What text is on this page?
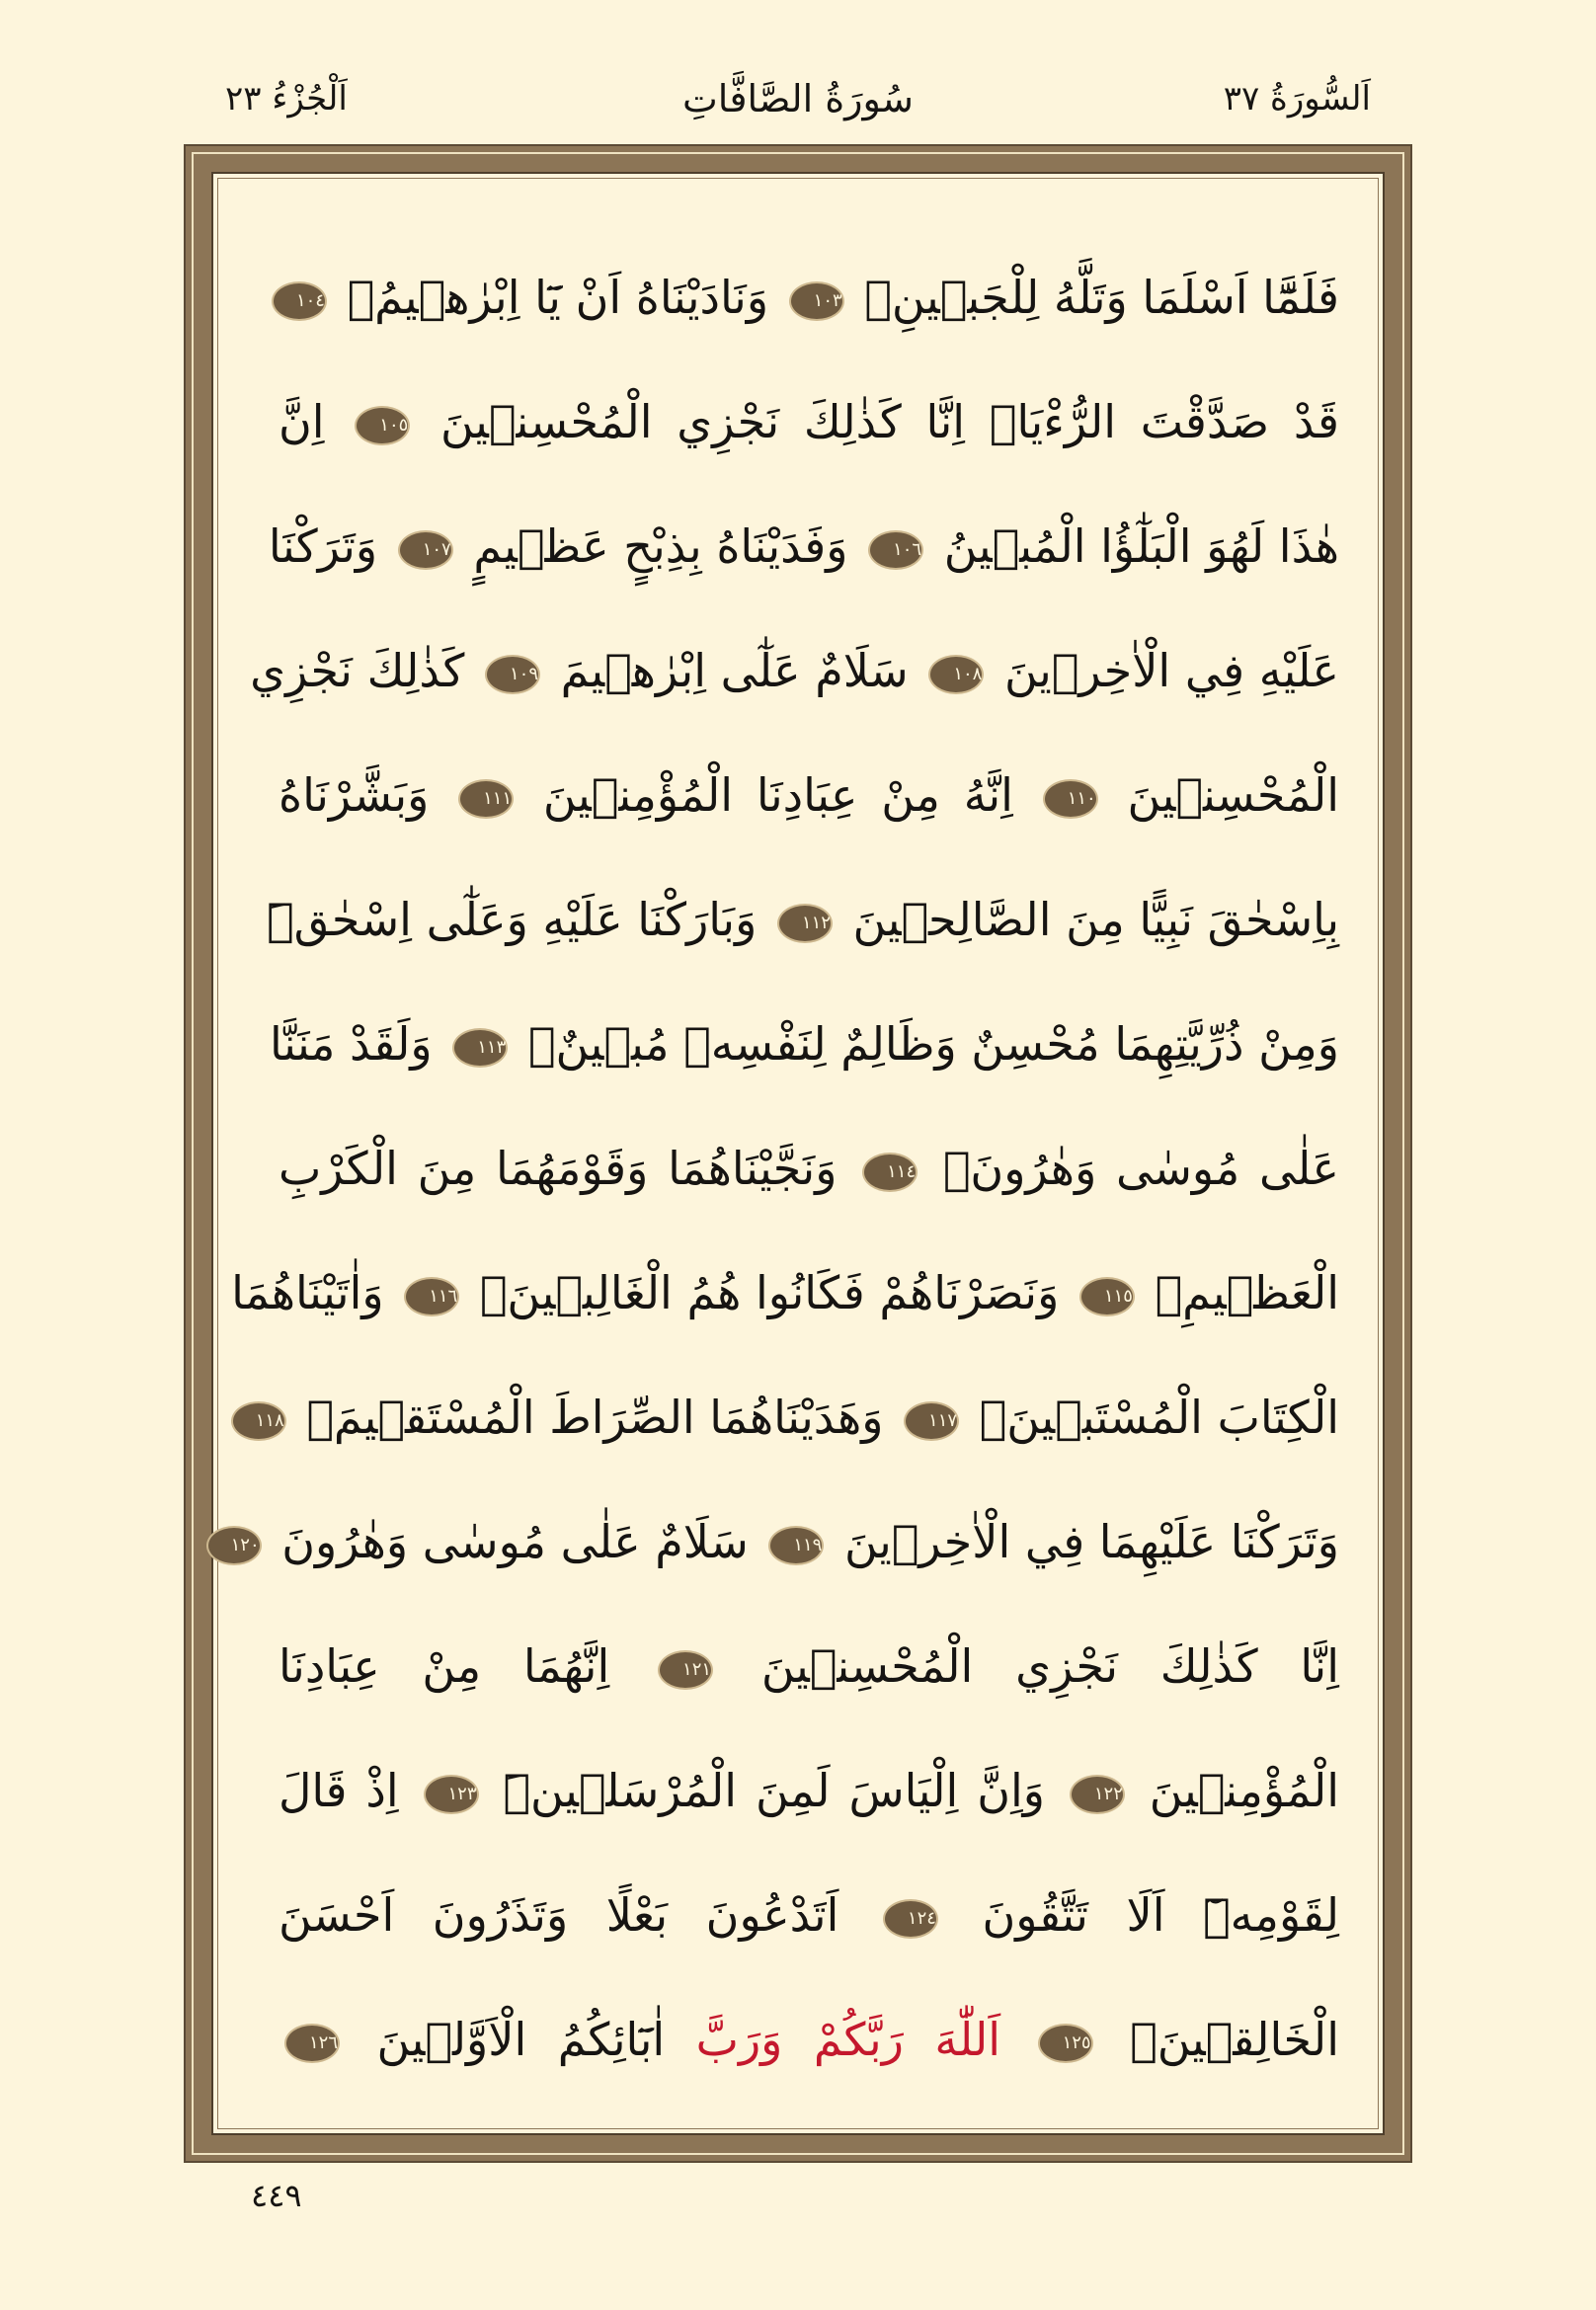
اَلْجُزْءُ ٢٣	سُورَةُ الصَّافَّاتِ	اَلسُّورَةُ ٣٧
فَلَمَّٓا اَسْلَمَا وَتَلَّهُ لِلْجَب۪ينِۚ ١٠٣ وَنَادَيْنَاهُ اَنْ يَٓا اِبْرٰه۪يمُۙ ١٠٤
قَدْ صَدَّقْتَ الرُّءْيَاۚ اِنَّا كَذٰلِكَ نَجْزِي الْمُحْسِن۪ينَ ١٠٥ اِنَّ
هٰذَا لَهُوَ الْبَلٰٓؤُا الْمُب۪ينُ ١٠٦ وَفَدَيْنَاهُ بِذِبْحٍ عَظ۪يمٍ ١٠٧ وَتَرَكْنَا
عَلَيْهِ فِي الْاٰخِر۪ينَ ١٠٨ سَلَامٌ عَلٰٓى اِبْرٰه۪يمَ ١٠٩ كَذٰلِكَ نَجْزِي
الْمُحْسِن۪ينَ ١١٠ اِنَّهُ مِنْ عِبَادِنَا الْمُؤْمِن۪ينَ ١١١ وَبَشَّرْنَاهُ
بِاِسْحٰقَ نَبِيًّا مِنَ الصَّالِح۪ينَ ١١٢ وَبَارَكْنَا عَلَيْهِ وَعَلٰٓى اِسْحٰقَۜ
وَمِنْ ذُرِّيَّتِهِمَا مُحْسِنٌ وَظَالِمٌ لِنَفْسِه۪ مُب۪ينٌ۟ ١١٣ وَلَقَدْ مَنَنَّا
عَلٰى مُوسٰى وَهٰرُونَۚ ١١٤ وَنَجَّيْنَاهُمَا وَقَوْمَهُمَا مِنَ الْكَرْبِ
الْعَظ۪يمِۚ ١١٥ وَنَصَرْنَاهُمْ فَكَانُوا هُمُ الْغَالِب۪ينَۚ ١١٦ وَاٰتَيْنَاهُمَا
الْكِتَابَ الْمُسْتَب۪ينَۚ ١١٧ وَهَدَيْنَاهُمَا الصِّرَاطَ الْمُسْتَق۪يمَۚ ١١٨
وَتَرَكْنَا عَلَيْهِمَا فِي الْاٰخِر۪ينَ ١١٩ سَلَامٌ عَلٰى مُوسٰى وَهٰرُونَ ١٢٠
اِنَّا كَذٰلِكَ نَجْزِي الْمُحْسِن۪ينَ ١٢١ اِنَّهُمَا مِنْ عِبَادِنَا
الْمُؤْمِن۪ينَ ١٢٢ وَاِنَّ اِلْيَاسَ لَمِنَ الْمُرْسَل۪ينَۜ ١٢٣ اِذْ قَالَ
لِقَوْمِه۪ٓ اَلَا تَتَّقُونَ ١٢٤ اَتَدْعُونَ بَعْلًا وَتَذَرُونَ اَحْسَنَ
الْخَالِق۪ينَۙ ١٢٥ اَللّٰهَ رَبَّكُمْ وَرَبَّ اٰبَٓائِكُمُ الْاَوَّل۪ينَ ١٢٦
٤٤٩
